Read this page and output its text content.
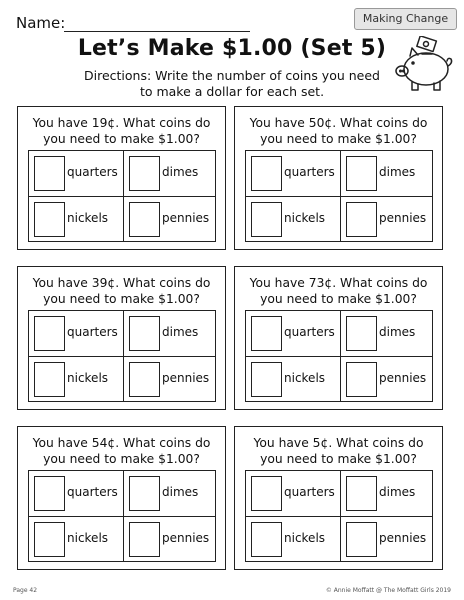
Name:	Making Change
Let’s Make $1.00 (Set 5)
Directions: Write the number of coins you need
to make a dollar for each set.
You have 19¢. What coins do
you need to make $1.00?
quarters	dimes
nickels	pennies
You have 50¢. What coins do
you need to make $1.00?
quarters	dimes
nickels	pennies
You have 39¢. What coins do
you need to make $1.00?
quarters	dimes
nickels	pennies
You have 73¢. What coins do
you need to make $1.00?
quarters	dimes
nickels	pennies
You have 54¢. What coins do
you need to make $1.00?
quarters	dimes
nickels	pennies
You have 5¢. What coins do
you need to make $1.00?
quarters	dimes
nickels	pennies
Page 42	© Annie Moffatt @ The Moffatt Girls 2019
